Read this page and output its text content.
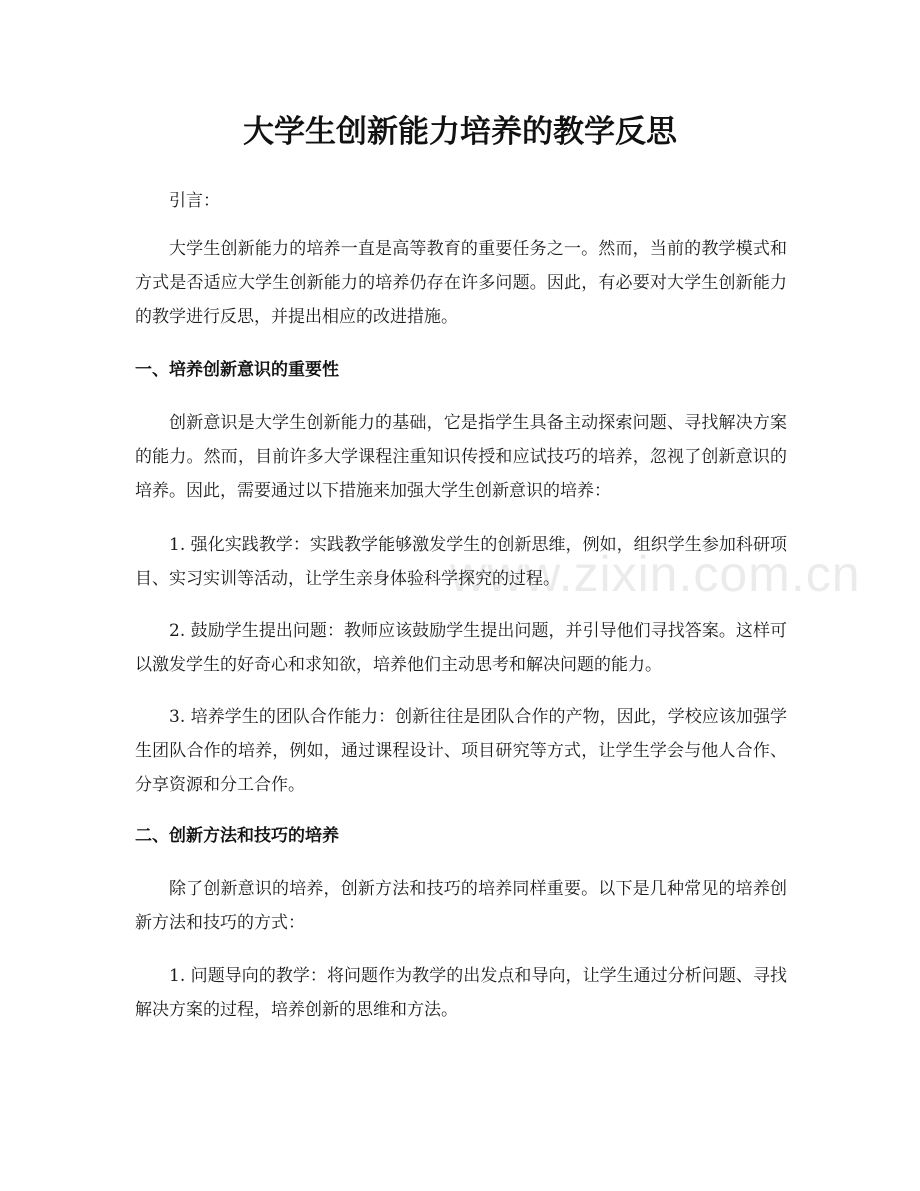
大学生创新能力培养的教学反思

引言：

大学生创新能力的培养一直是高等教育的重要任务之一。然而，当前的教学模式和方式是否适应大学生创新能力的培养仍存在许多问题。因此，有必要对大学生创新能力的教学进行反思，并提出相应的改进措施。

一、培养创新意识的重要性

创新意识是大学生创新能力的基础，它是指学生具备主动探索问题、寻找解决方案的能力。然而，目前许多大学课程注重知识传授和应试技巧的培养，忽视了创新意识的培养。因此，需要通过以下措施来加强大学生创新意识的培养：

1. 强化实践教学：实践教学能够激发学生的创新思维，例如，组织学生参加科研项目、实习实训等活动，让学生亲身体验科学探究的过程。

2. 鼓励学生提出问题：教师应该鼓励学生提出问题，并引导他们寻找答案。这样可以激发学生的好奇心和求知欲，培养他们主动思考和解决问题的能力。

3. 培养学生的团队合作能力：创新往往是团队合作的产物，因此，学校应该加强学生团队合作的培养，例如，通过课程设计、项目研究等方式，让学生学会与他人合作、分享资源和分工合作。

二、创新方法和技巧的培养

除了创新意识的培养，创新方法和技巧的培养同样重要。以下是几种常见的培养创新方法和技巧的方式：

1. 问题导向的教学：将问题作为教学的出发点和导向，让学生通过分析问题、寻找解决方案的过程，培养创新的思维和方法。

www.zixin.com.cn
